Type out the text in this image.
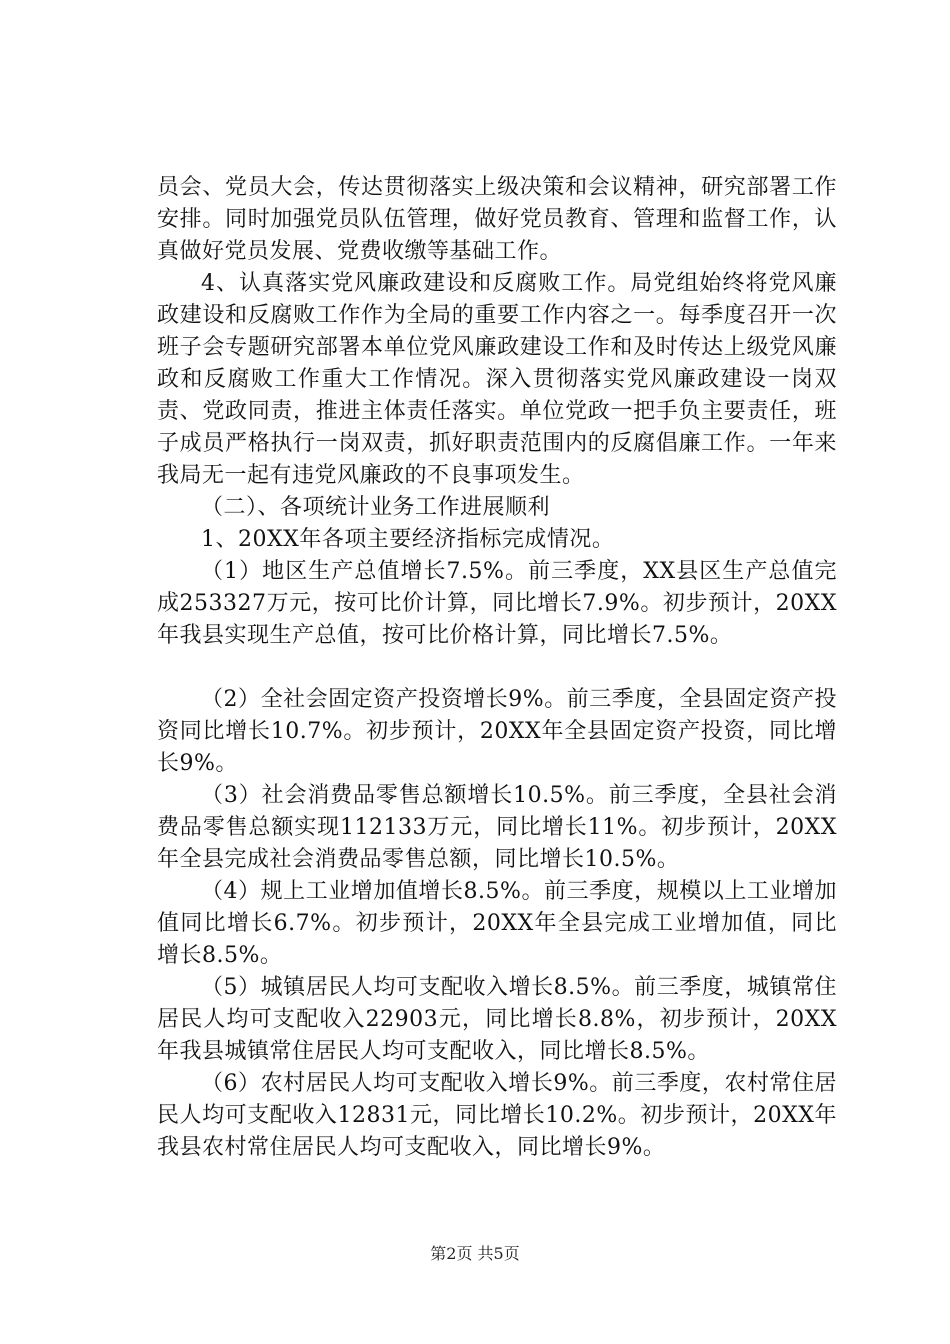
员会、党员大会，传达贯彻落实上级决策和会议精神，研究部署工作安排。同时加强党员队伍管理，做好党员教育、管理和监督工作，认真做好党员发展、党费收缴等基础工作。

4、认真落实党风廉政建设和反腐败工作。局党组始终将党风廉政建设和反腐败工作作为全局的重要工作内容之一。每季度召开一次班子会专题研究部署本单位党风廉政建设工作和及时传达上级党风廉政和反腐败工作重大工作情况。深入贯彻落实党风廉政建设一岗双责、党政同责，推进主体责任落实。单位党政一把手负主要责任，班子成员严格执行一岗双责，抓好职责范围内的反腐倡廉工作。一年来我局无一起有违党风廉政的不良事项发生。

（二）、各项统计业务工作进展顺利

1、20XX年各项主要经济指标完成情况。

（1）地区生产总值增长7.5%。前三季度，XX县区生产总值完成253327万元，按可比价计算，同比增长7.9%。初步预计，20XX年我县实现生产总值，按可比价格计算，同比增长7.5%。

（2）全社会固定资产投资增长9%。前三季度，全县固定资产投资同比增长10.7%。初步预计，20XX年全县固定资产投资，同比增长9%。

（3）社会消费品零售总额增长10.5%。前三季度，全县社会消费品零售总额实现112133万元，同比增长11%。初步预计，20XX年全县完成社会消费品零售总额，同比增长10.5%。

（4）规上工业增加值增长8.5%。前三季度，规模以上工业增加值同比增长6.7%。初步预计，20XX年全县完成工业增加值，同比增长8.5%。

（5）城镇居民人均可支配收入增长8.5%。前三季度，城镇常住居民人均可支配收入22903元，同比增长8.8%，初步预计，20XX年我县城镇常住居民人均可支配收入，同比增长8.5%。

（6）农村居民人均可支配收入增长9%。前三季度，农村常住居民人均可支配收入12831元，同比增长10.2%。初步预计，20XX年我县农村常住居民人均可支配收入，同比增长9%。

第2页 共5页
